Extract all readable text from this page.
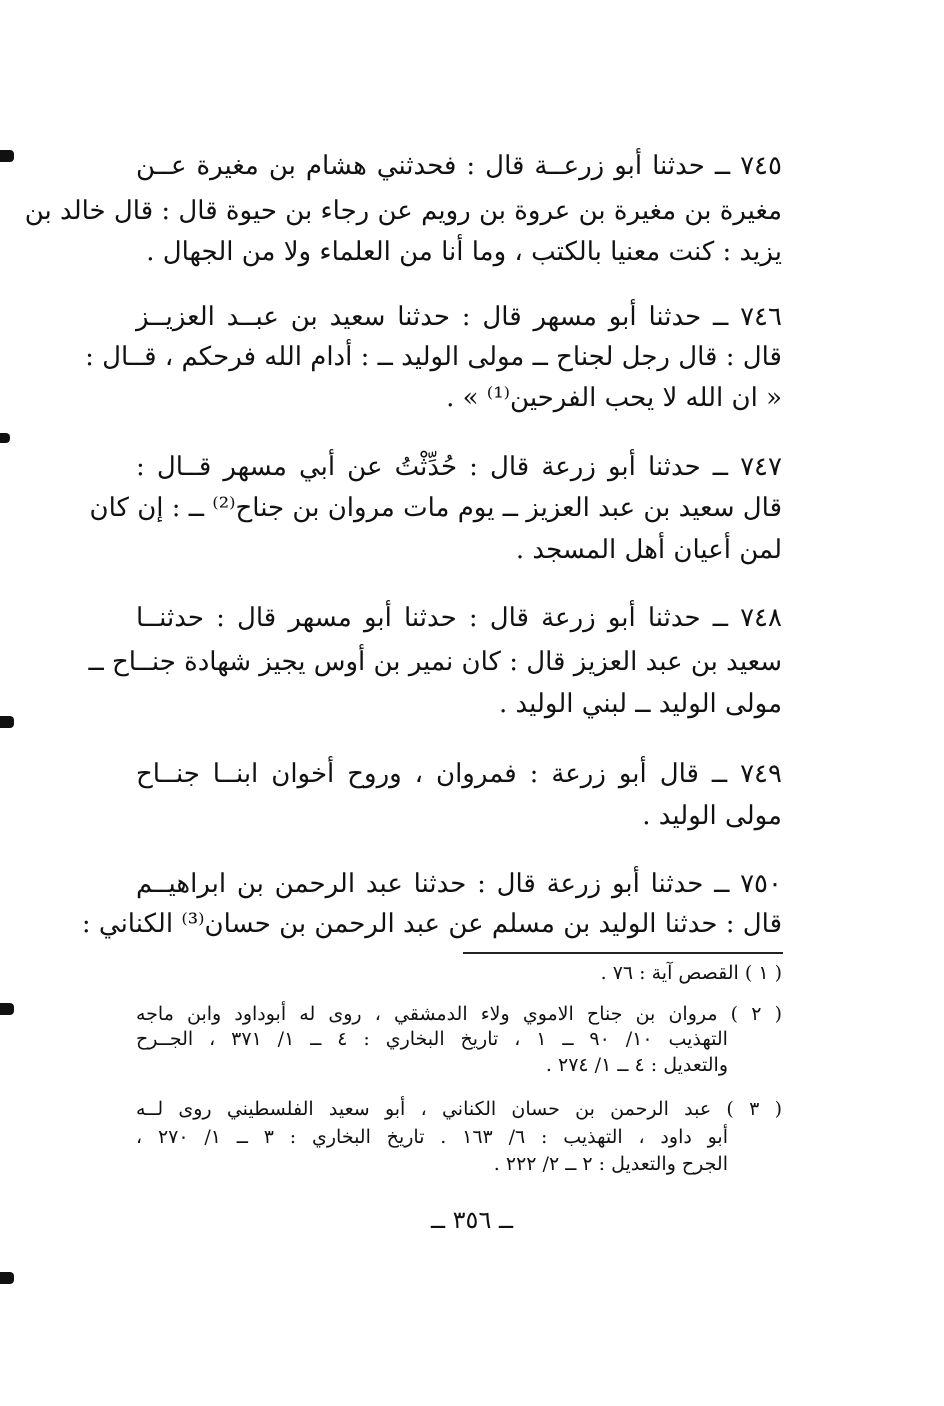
٧٤٥ ــ حدثنا أبو زرعــة قال : فحدثني هشام بن مغيرة عــن
مغيرة بن مغيرة بن عروة بن رويم عن رجاء بن حيوة قال : قال خالد بن
يزيد : كنت معنيا بالكتب ، وما أنا من العلماء ولا من الجهال .
٧٤٦ ــ حدثنا أبو مسهر قال : حدثنا سعيد بن عبــد العزيــز
قال : قال رجل لجناح ــ مولى الوليد ــ : أدام الله فرحكم ، قــال :
« ان الله لا يحب الفرحين⁽¹⁾ » .
٧٤٧ ــ حدثنا أبو زرعة قال : حُدِّثْتُ عن أبي مسهر قــال :
قال سعيد بن عبد العزيز ــ يوم مات مروان بن جناح⁽²⁾ ــ : إن كان
لمن أعيان أهل المسجد .
٧٤٨ ــ حدثنا أبو زرعة قال : حدثنا أبو مسهر قال : حدثنــا
سعيد بن عبد العزيز قال : كان نمير بن أوس يجيز شهادة جنــاح ــ
مولى الوليد ــ لبني الوليد .
٧٤٩ ــ قال أبو زرعة : فمروان ، وروح أخوان ابنــا جنــاح
مولى الوليد .
٧٥٠ ــ حدثنا أبو زرعة قال : حدثنا عبد الرحمن بن ابراهيــم
قال : حدثنا الوليد بن مسلم عن عبد الرحمن بن حسان⁽³⁾ الكناني :
( ١ ) القصص آية : ٧٦ .
( ٢ ) مروان بن جناح الاموي ولاء الدمشقي ، روى له أبوداود وابن ماجه
التهذيب ١٠/ ٩٠ ــ ١ ، تاريخ البخاري : ٤ ــ ١/ ٣٧١ ، الجــرح
والتعديل : ٤ ــ ١/ ٢٧٤ .
( ٣ ) عبد الرحمن بن حسان الكناني ، أبو سعيد الفلسطيني روى لــه
أبو داود ، التهذيب : ٦/ ١٦٣ . تاريخ البخاري : ٣ ــ ١/ ٢٧٠ ،
الجرح والتعديل : ٢ ــ ٢/ ٢٢٢ .
ــ ٣٥٦ ــ
